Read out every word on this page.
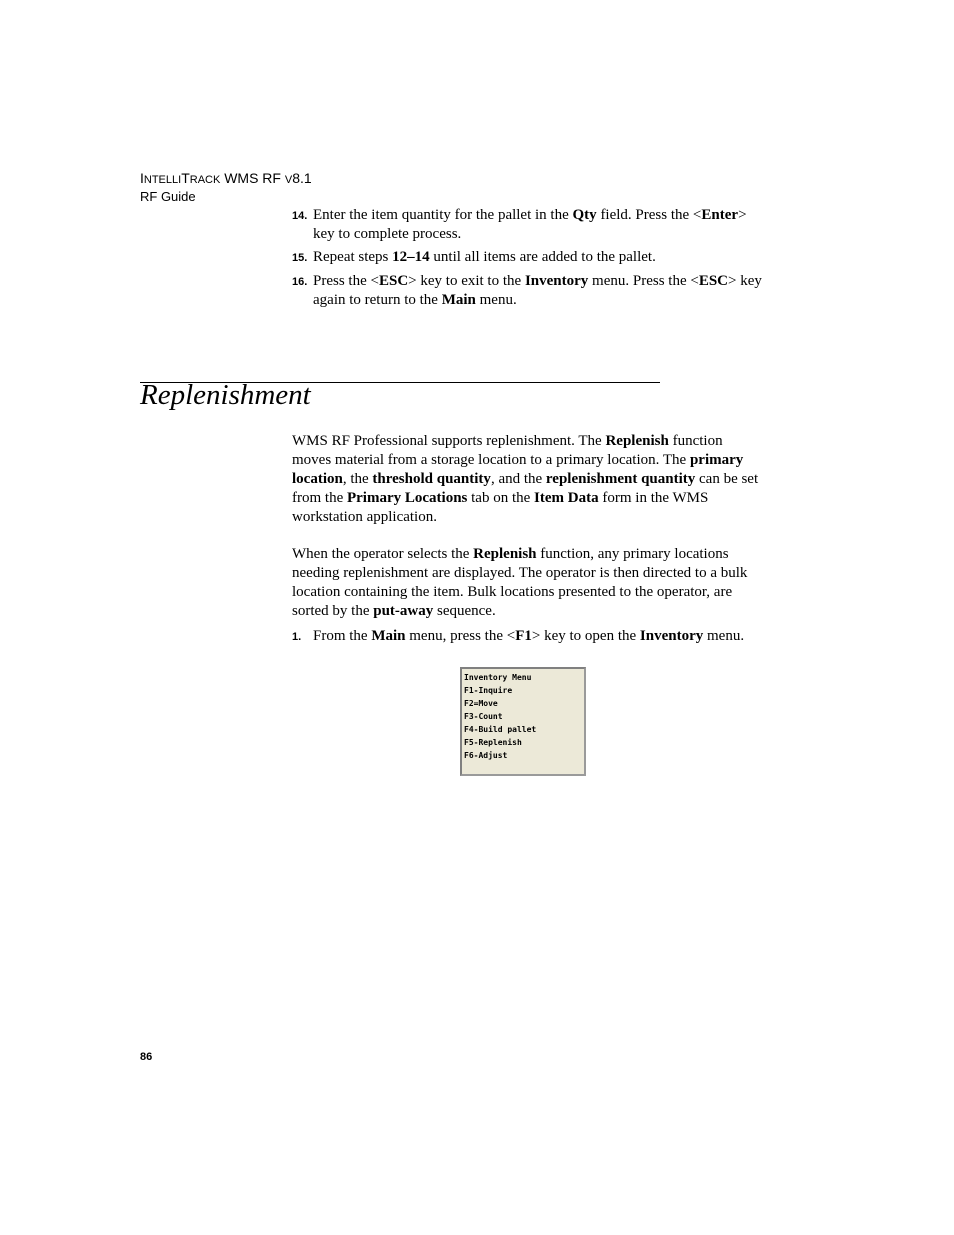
INTELLITRACK WMS RF V8.1
RF Guide
14. Enter the item quantity for the pallet in the Qty field. Press the <Enter> key to complete process.
15. Repeat steps 12–14 until all items are added to the pallet.
16. Press the <ESC> key to exit to the Inventory menu. Press the <ESC> key again to return to the Main menu.
Replenishment
WMS RF Professional supports replenishment. The Replenish function moves material from a storage location to a primary location. The primary location, the threshold quantity, and the replenishment quantity can be set from the Primary Locations tab on the Item Data form in the WMS workstation application.
When the operator selects the Replenish function, any primary locations needing replenishment are displayed. The operator is then directed to a bulk location containing the item. Bulk locations presented to the operator, are sorted by the put-away sequence.
1. From the Main menu, press the <F1> key to open the Inventory menu.
Inventory Menu
F1-Inquire
F2=Move
F3-Count
F4-Build pallet
F5-Replenish
F6-Adjust
86
